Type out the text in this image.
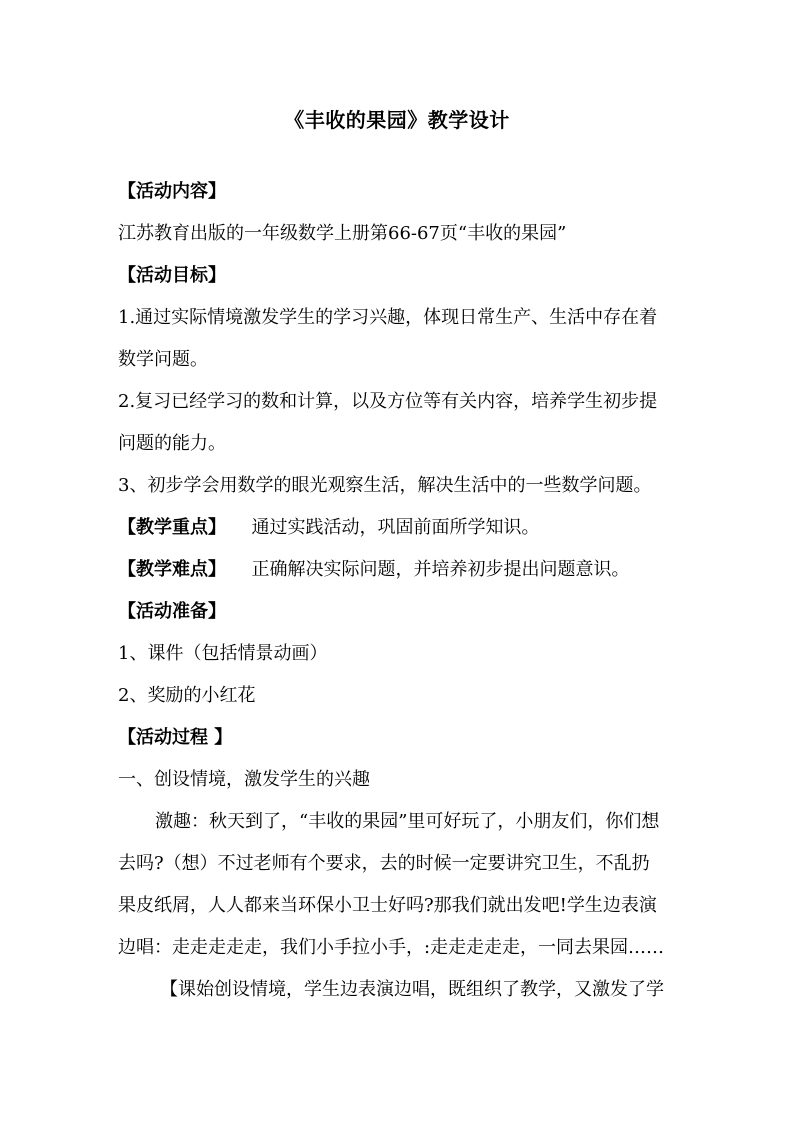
《丰收的果园》教学设计
【活动内容】
江苏教育出版的一年级数学上册第66-67页“丰收的果园”
【活动目标】
1.通过实际情境激发学生的学习兴趣，体现日常生产、生活中存在着
数学问题。
2.复习已经学习的数和计算，以及方位等有关内容，培养学生初步提
问题的能力。
3、初步学会用数学的眼光观察生活，解决生活中的一些数学问题。
【教学重点】 通过实践活动，巩固前面所学知识。
【教学难点】 正确解决实际问题，并培养初步提出问题意识。
【活动准备】
1、课件（包括情景动画）
2、奖励的小红花
【活动过程 】
一、创设情境，激发学生的兴趣
激趣：秋天到了，“丰收的果园”里可好玩了，小朋友们，你们想
去吗?（想）不过老师有个要求，去的时候一定要讲究卫生，不乱扔
果皮纸屑，人人都来当环保小卫士好吗?那我们就出发吧!学生边表演
边唱：走走走走走，我们小手拉小手，:走走走走走，一同去果园……
【课始创设情境，学生边表演边唱，既组织了教学，又激发了学
